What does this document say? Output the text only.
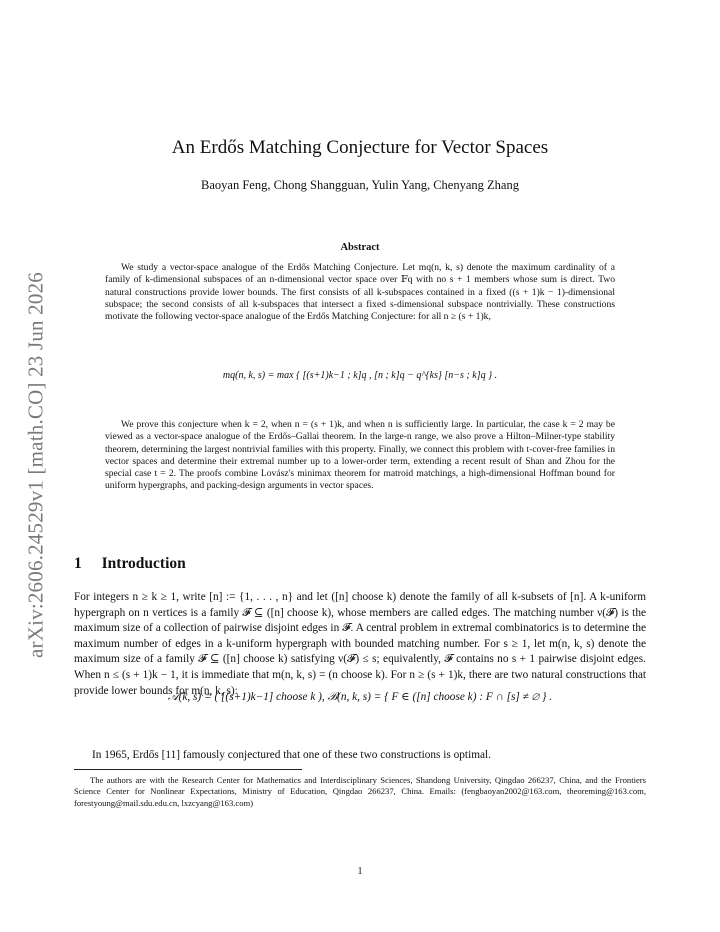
arXiv:2606.24529v1 [math.CO] 23 Jun 2026
An Erdős Matching Conjecture for Vector Spaces
Baoyan Feng, Chong Shangguan, Yulin Yang, Chenyang Zhang
Abstract
We study a vector-space analogue of the Erdős Matching Conjecture. Let mq(n, k, s) denote the maximum cardinality of a family of k-dimensional subspaces of an n-dimensional vector space over 𝔽q with no s + 1 members whose sum is direct. Two natural constructions provide lower bounds. The first consists of all k-subspaces contained in a fixed ((s + 1)k − 1)-dimensional subspace; the second consists of all k-subspaces that intersect a fixed s-dimensional subspace nontrivially. These constructions motivate the following vector-space analogue of the Erdős Matching Conjecture: for all n ≥ (s + 1)k,
mq(n, k, s) = max { [(s+1)k−1 ; k]q , [n ; k]q − q^{ks} [n−s ; k]q } .
We prove this conjecture when k = 2, when n = (s + 1)k, and when n is sufficiently large. In particular, the case k = 2 may be viewed as a vector-space analogue of the Erdős–Gallai theorem. In the large-n range, we also prove a Hilton–Milner-type stability theorem, determining the largest nontrivial families with this property. Finally, we connect this problem with t-cover-free families in vector spaces and determine their extremal number up to a lower-order term, extending a recent result of Shan and Zhou for the special case t = 2. The proofs combine Lovász's minimax theorem for matroid matchings, a high-dimensional Hoffman bound for uniform hypergraphs, and packing-design arguments in vector spaces.
1 Introduction
For integers n ≥ k ≥ 1, write [n] := {1, . . . , n} and let ([n] choose k) denote the family of all k-subsets of [n]. A k-uniform hypergraph on n vertices is a family 𝓕 ⊆ ([n] choose k), whose members are called edges. The matching number ν(𝓕) is the maximum size of a collection of pairwise disjoint edges in 𝓕. A central problem in extremal combinatorics is to determine the maximum number of edges in a k-uniform hypergraph with bounded matching number. For s ≥ 1, let m(n, k, s) denote the maximum size of a family 𝓕 ⊆ ([n] choose k) satisfying ν(𝓕) ≤ s; equivalently, 𝓕 contains no s + 1 pairwise disjoint edges. When n ≤ (s + 1)k − 1, it is immediate that m(n, k, s) = (n choose k). For n ≥ (s + 1)k, there are two natural constructions that provide lower bounds for m(n, k, s):
𝒜(k, s) = ( [(s+1)k−1] choose k ), ℬ(n, k, s) = { F ∈ ([n] choose k) : F ∩ [s] ≠ ∅ } .
In 1965, Erdős [11] famously conjectured that one of these two constructions is optimal.
The authors are with the Research Center for Mathematics and Interdisciplinary Sciences, Shandong University, Qingdao 266237, China, and the Frontiers Science Center for Nonlinear Expectations, Ministry of Education, Qingdao 266237, China. Emails: (fengbaoyan2002@163.com, theoreming@163.com, forestyoung@mail.sdu.edu.cn, lxzcyang@163.com)
1
